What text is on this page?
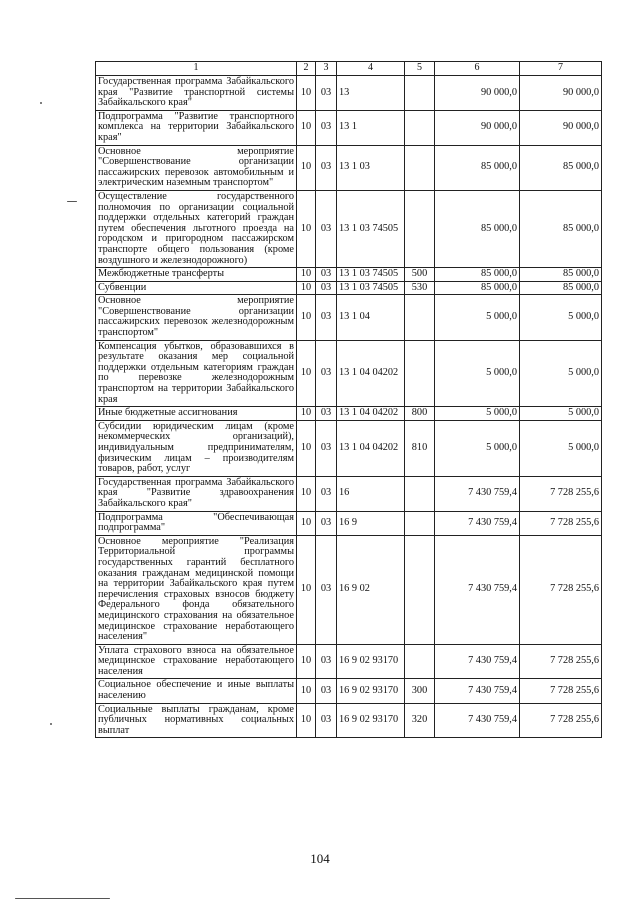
1	2	3	4	5	6	7
Государственная программа Забайкальского края "Развитие транспортной системы Забайкальского края"	10	03	13		90 000,0	90 000,0
Подпрограмма "Развитие транспортного комплекса на территории Забайкальского края"	10	03	13 1		90 000,0	90 000,0
Основное мероприятие "Совершенствование организации пассажирских перевозок автомобильным и электрическим наземным транспортом"	10	03	13 1 03		85 000,0	85 000,0
Осуществление государственного полномочия по организации социальной поддержки отдельных категорий граждан путем обеспечения льготного проезда на городском и пригородном пассажирском транспорте общего пользования (кроме воздушного и железнодорожного)	10	03	13 1 03 74505		85 000,0	85 000,0
Межбюджетные трансферты	10	03	13 1 03 74505	500	85 000,0	85 000,0
Субвенции	10	03	13 1 03 74505	530	85 000,0	85 000,0
Основное мероприятие "Совершенствование организации пассажирских перевозок железнодорожным транспортом"	10	03	13 1 04		5 000,0	5 000,0
Компенсация убытков, образовавшихся в результате оказания мер социальной поддержки отдельным категориям граждан по перевозке железнодорожным транспортом на территории Забайкальского края	10	03	13 1 04 04202		5 000,0	5 000,0
Иные бюджетные ассигнования	10	03	13 1 04 04202	800	5 000,0	5 000,0
Субсидии юридическим лицам (кроме некоммерческих организаций), индивидуальным предпринимателям, физическим лицам – производителям товаров, работ, услуг	10	03	13 1 04 04202	810	5 000,0	5 000,0
Государственная программа Забайкальского края "Развитие здравоохранения Забайкальского края"	10	03	16		7 430 759,4	7 728 255,6
Подпрограмма "Обеспечивающая подпрограмма"	10	03	16 9		7 430 759,4	7 728 255,6
Основное мероприятие "Реализация Территориальной программы государственных гарантий бесплатного оказания гражданам медицинской помощи на территории Забайкальского края путем перечисления страховых взносов бюджету Федерального фонда обязательного медицинского страхования на обязательное медицинское страхование неработающего населения"	10	03	16 9 02		7 430 759,4	7 728 255,6
Уплата страхового взноса на обязательное медицинское страхование неработающего населения	10	03	16 9 02 93170		7 430 759,4	7 728 255,6
Социальное обеспечение и иные выплаты населению	10	03	16 9 02 93170	300	7 430 759,4	7 728 255,6
Социальные выплаты гражданам, кроме публичных нормативных социальных выплат	10	03	16 9 02 93170	320	7 430 759,4	7 728 255,6
104
